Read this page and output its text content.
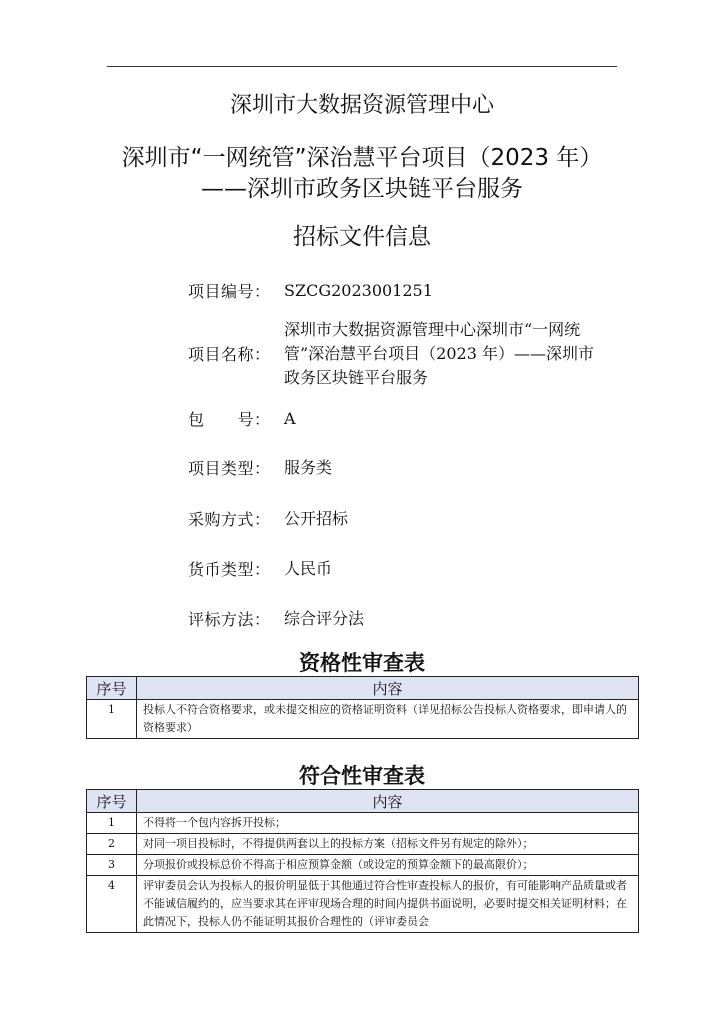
深圳市大数据资源管理中心
深圳市“一网统管”深治慧平台项目（2023 年）
——深圳市政务区块链平台服务
招标文件信息
项目编号： SZCG2023001251
项目名称：
深圳市大数据资源管理中心深圳市“一网统管”深治慧平台项目（2023 年）——深圳市政务区块链平台服务
包　　号： A
项目类型： 服务类
采购方式： 公开招标
货币类型： 人民币
评标方法： 综合评分法
资格性审查表
序号	内容
1	投标人不符合资格要求，或未提交相应的资格证明资料（详见招标公告投标人资格要求，即申请人的资格要求）
符合性审查表
序号	内容
1	不得将一个包内容拆开投标；
2	对同一项目投标时，不得提供两套以上的投标方案（招标文件另有规定的除外）；
3	分项报价或投标总价不得高于相应预算金额（或设定的预算金额下的最高限价）；
4	评审委员会认为投标人的报价明显低于其他通过符合性审查投标人的报价，有可能影响产品质量或者不能诚信履约的，应当要求其在评审现场合理的时间内提供书面说明，必要时提交相关证明材料；在此情况下，投标人仍不能证明其报价合理性的（评审委员会
